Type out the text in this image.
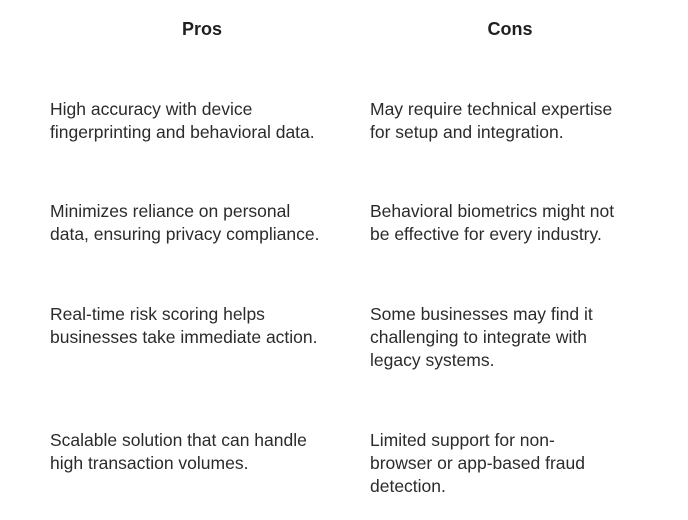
Pros	Cons
High accuracy with device
fingerprinting and behavioral data.
May require technical expertise
for setup and integration.
Minimizes reliance on personal
data, ensuring privacy compliance.
Behavioral biometrics might not
be effective for every industry.
Real-time risk scoring helps
businesses take immediate action.
Some businesses may find it
challenging to integrate with
legacy systems.
Scalable solution that can handle
high transaction volumes.
Limited support for non-
browser or app-based fraud
detection.
